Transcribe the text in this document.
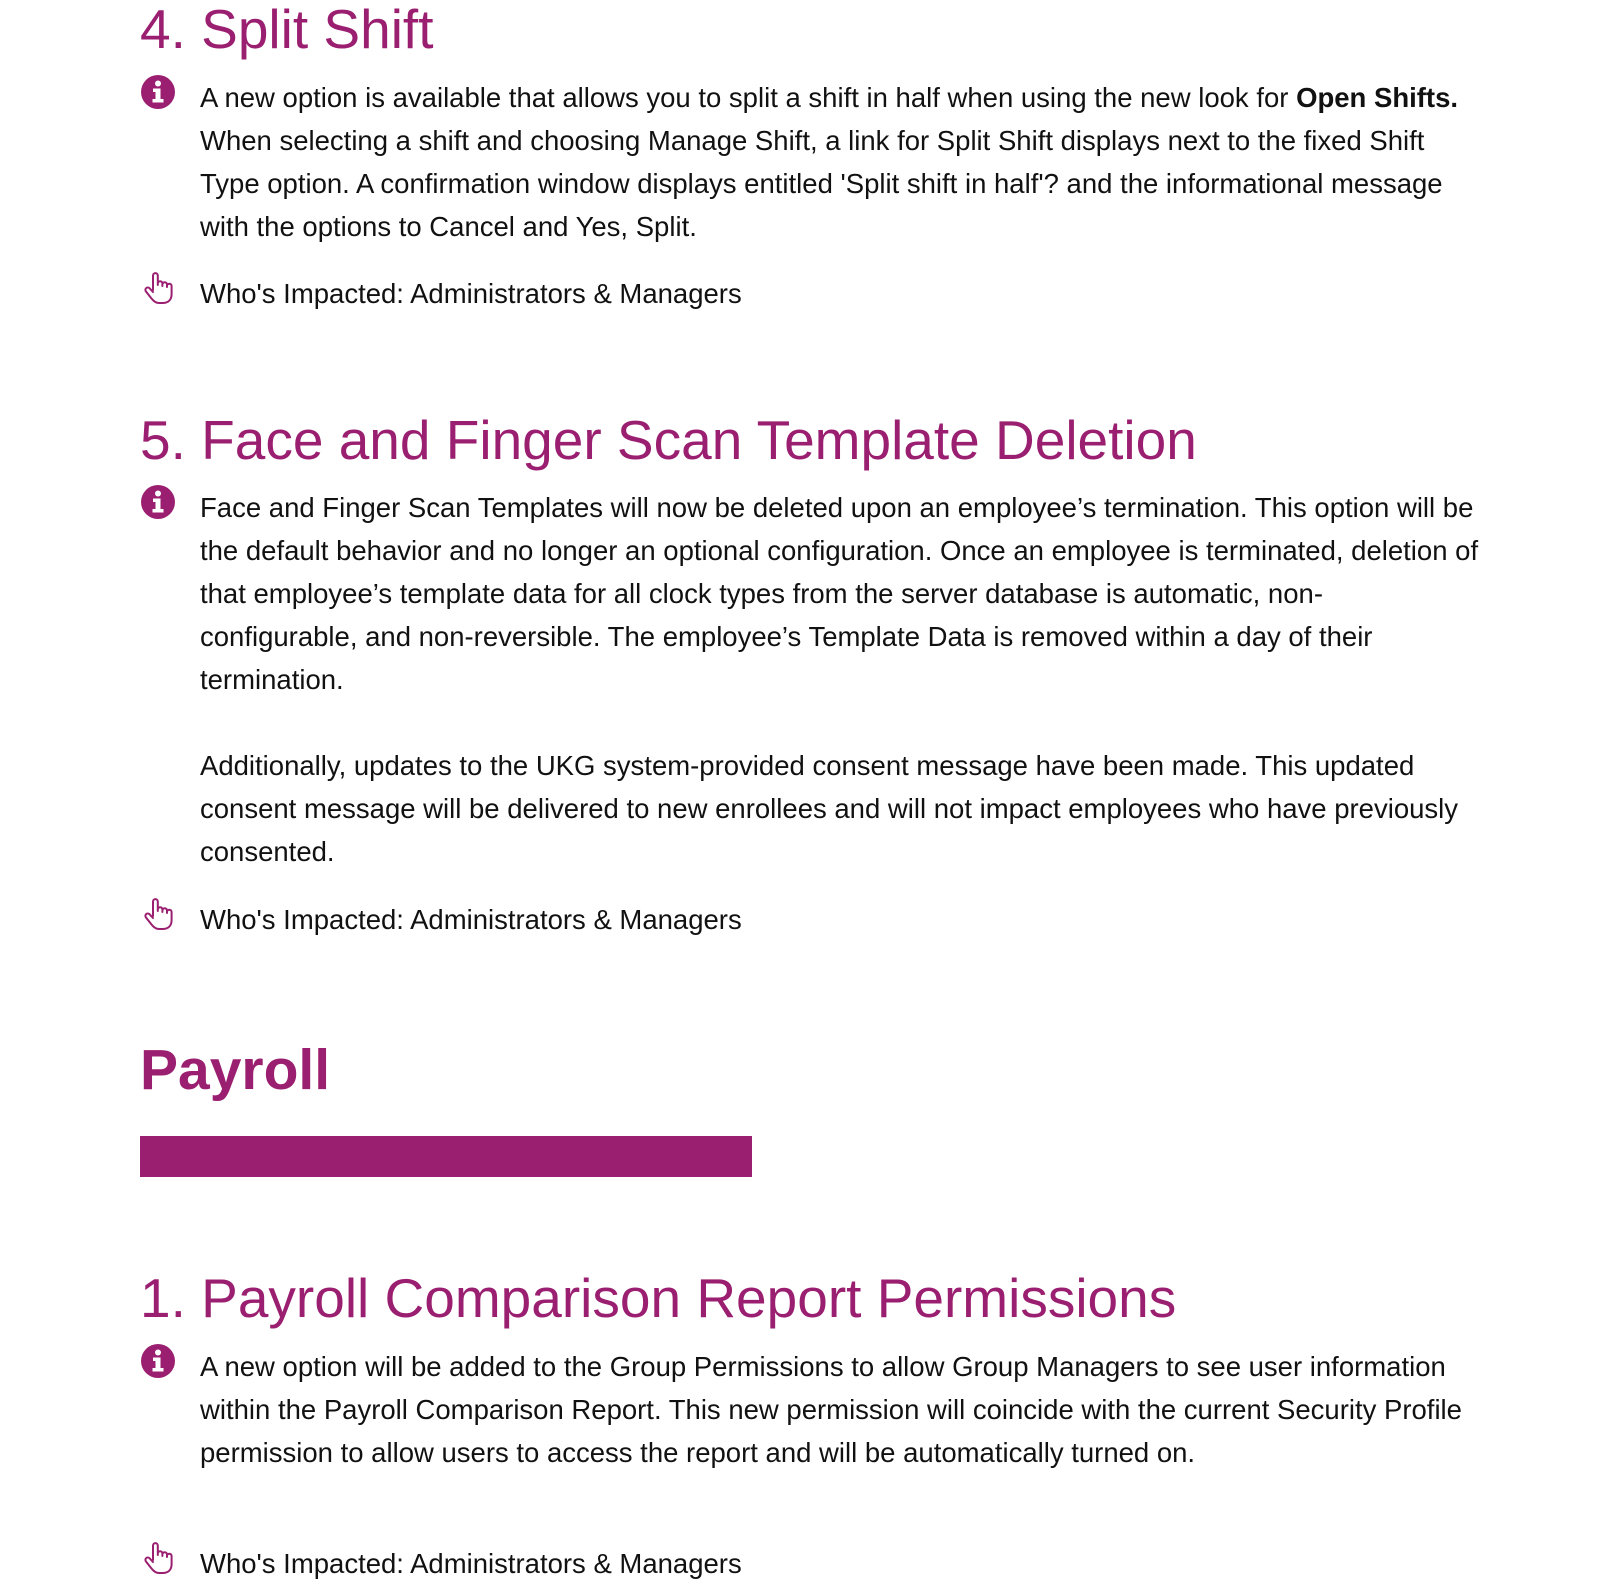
4. Split Shift

A new option is available that allows you to split a shift in half when using the new look for Open Shifts. When selecting a shift and choosing Manage Shift, a link for Split Shift displays next to the fixed Shift Type option. A confirmation window displays entitled 'Split shift in half'? and the informational message with the options to Cancel and Yes, Split.

Who's Impacted: Administrators & Managers

5. Face and Finger Scan Template Deletion

Face and Finger Scan Templates will now be deleted upon an employee’s termination. This option will be the default behavior and no longer an optional configuration. Once an employee is terminated, deletion of that employee’s template data for all clock types from the server database is automatic, non-configurable, and non-reversible. The employee’s Template Data is removed within a day of their termination.

Additionally, updates to the UKG system-provided consent message have been made. This updated consent message will be delivered to new enrollees and will not impact employees who have previously consented.

Who's Impacted: Administrators & Managers

Payroll
1. Payroll Comparison Report Permissions

A new option will be added to the Group Permissions to allow Group Managers to see user information within the Payroll Comparison Report. This new permission will coincide with the current Security Profile permission to allow users to access the report and will be automatically turned on.

Who's Impacted: Administrators & Managers
